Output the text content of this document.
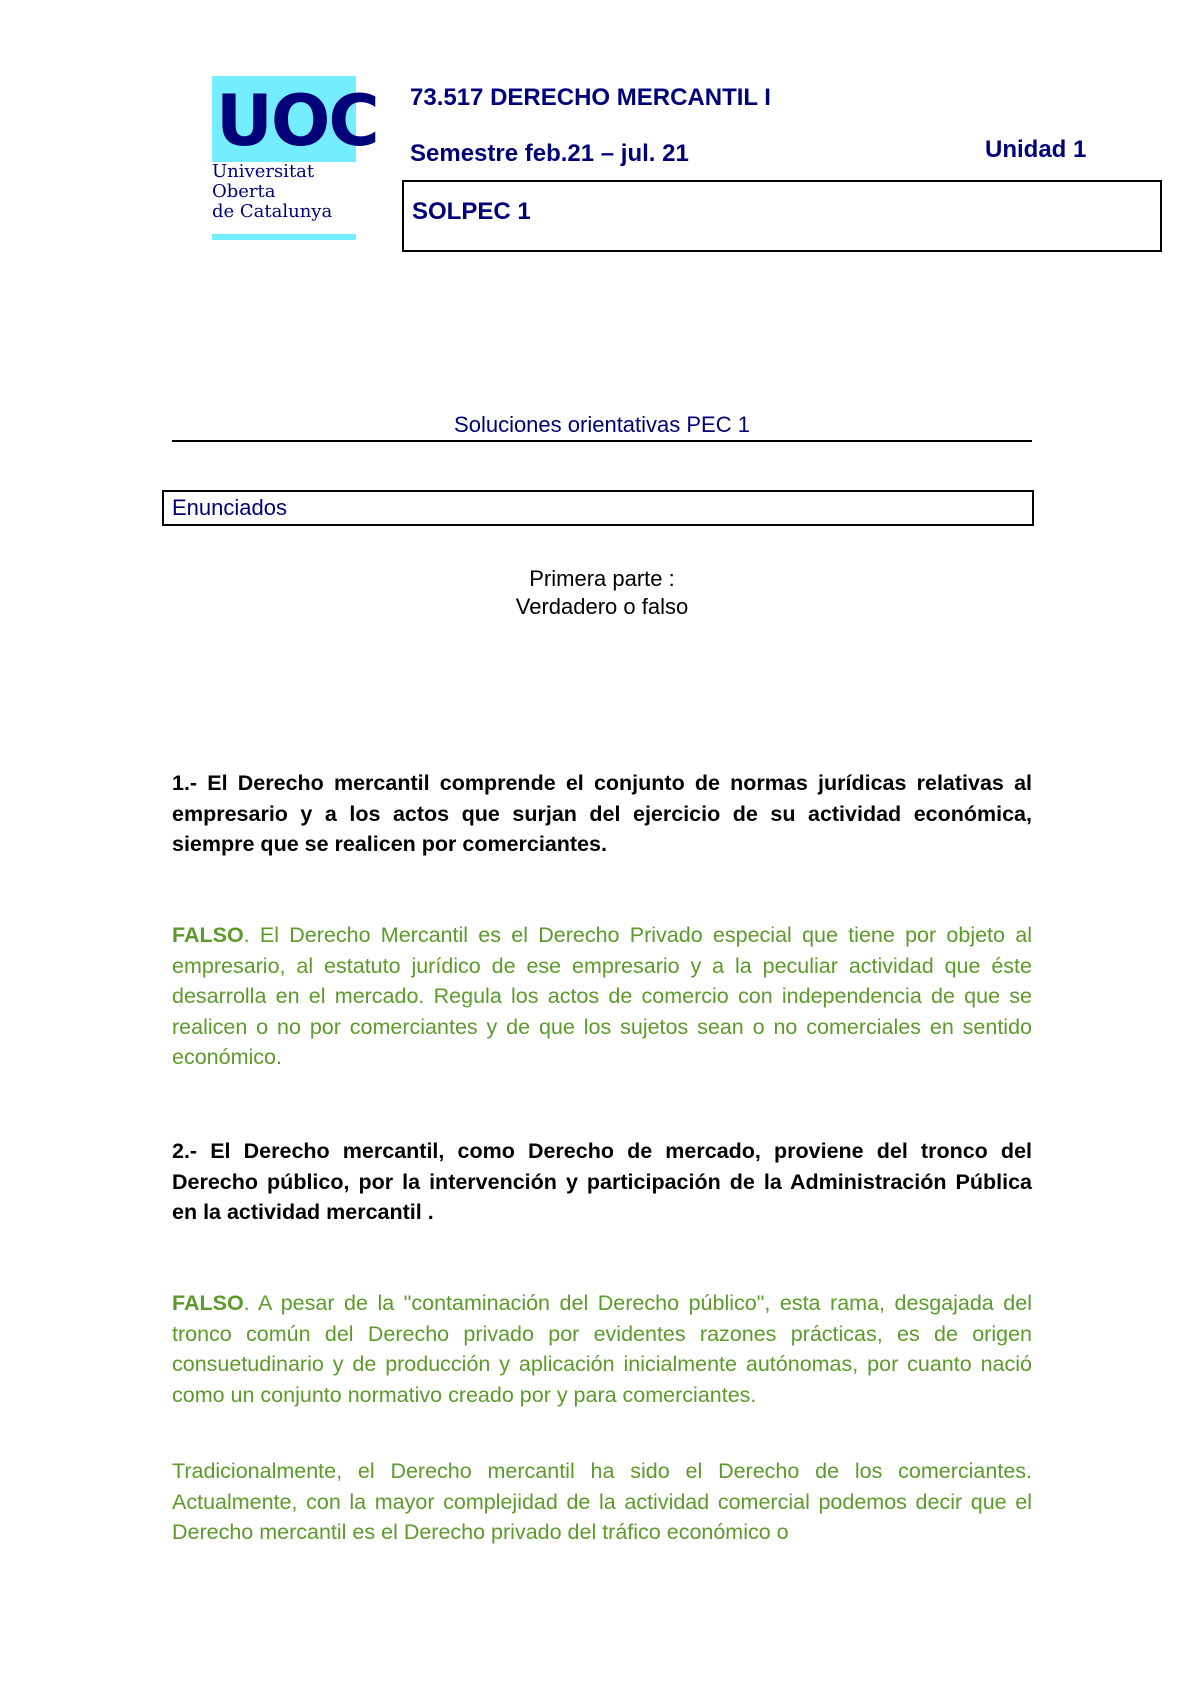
UOC
Universitat
Oberta
de Catalunya
73.517 DERECHO MERCANTIL I
Semestre feb.21 – jul. 21	Unidad 1
SOLPEC 1
Soluciones orientativas PEC 1
Enunciados
Primera parte :
Verdadero o falso

1.- El Derecho mercantil comprende el conjunto de normas jurídicas relativas al empresario y a los actos que surjan del ejercicio de su actividad económica, siempre que se realicen por comerciantes.

FALSO. El Derecho Mercantil es el Derecho Privado especial que tiene por objeto al empresario, al estatuto jurídico de ese empresario y a la peculiar actividad que éste desarrolla en el mercado. Regula los actos de comercio con independencia de que se realicen o no por comerciantes y de que los sujetos sean o no comerciales en sentido económico.

2.- El Derecho mercantil, como Derecho de mercado, proviene del tronco del Derecho público, por la intervención y participación de la Administración Pública en la actividad mercantil .

FALSO. A pesar de la "contaminación del Derecho público", esta rama, desgajada del tronco común del Derecho privado por evidentes razones prácticas, es de origen consuetudinario y de producción y aplicación inicialmente autónomas, por cuanto nació como un conjunto normativo creado por y para comerciantes.

Tradicionalmente, el Derecho mercantil ha sido el Derecho de los comerciantes. Actualmente, con la mayor complejidad de la actividad comercial podemos decir que el Derecho mercantil es el Derecho privado del tráfico económico o
